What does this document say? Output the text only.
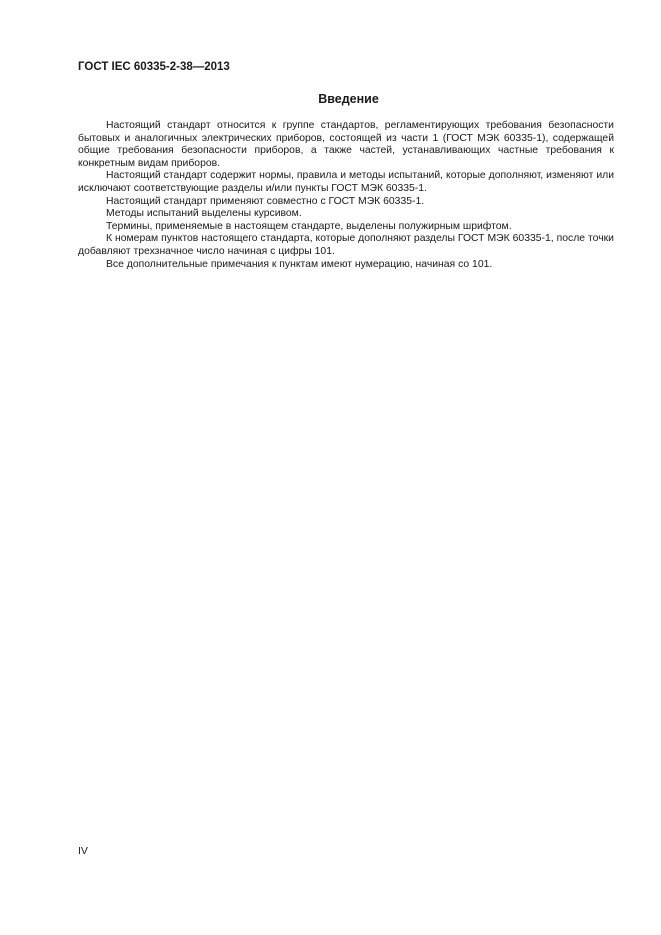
ГОСТ IEC 60335-2-38—2013
Введение

Настоящий стандарт относится к группе стандартов, регламентирующих требования безопасности бытовых и аналогичных электрических приборов, состоящей из части 1 (ГОСТ МЭК 60335-1), содержащей общие требования безопасности приборов, а также частей, устанавливающих частные требования к конкретным видам приборов.

Настоящий стандарт содержит нормы, правила и методы испытаний, которые дополняют, изменяют или исключают соответствующие разделы и/или пункты ГОСТ МЭК 60335-1.

Настоящий стандарт применяют совместно с ГОСТ МЭК 60335-1.

Методы испытаний выделены курсивом.

Термины, применяемые в настоящем стандарте, выделены полужирным шрифтом.

К номерам пунктов настоящего стандарта, которые дополняют разделы ГОСТ МЭК 60335-1, после точки добавляют трехзначное число начиная с цифры 101.

Все дополнительные примечания к пунктам имеют нумерацию, начиная со 101.

IV
